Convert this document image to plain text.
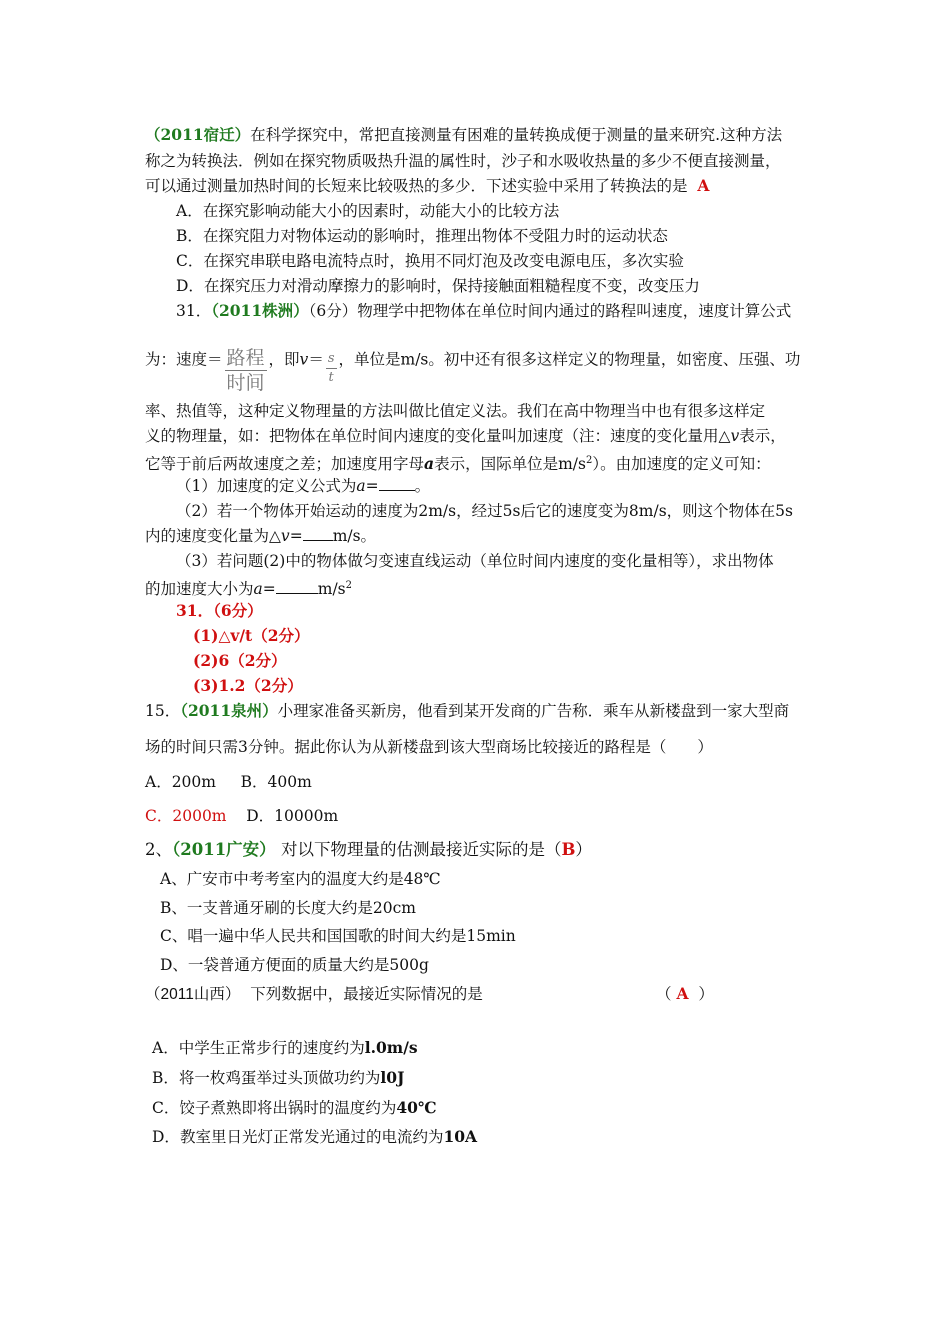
（2011宿迁）在科学探究中，常把直接测量有困难的量转换成便于测量的量来研究.这种方法
称之为转换法．例如在探究物质吸热升温的属性时，沙子和水吸收热量的多少不便直接测量，
可以通过测量加热时间的长短来比较吸热的多少．下述实验中采用了转换法的是 A
A．在探究影响动能大小的因素时，动能大小的比较方法
B．在探究阻力对物体运动的影响时，推理出物体不受阻力时的运动状态
C．在探究串联电路电流特点时，换用不同灯泡及改变电源电压，多次实验
D．在探究压力对滑动摩擦力的影响时，保持接触面粗糙程度不变，改变压力
31．（2011株洲）（6分）物理学中把物体在单位时间内通过的路程叫速度，速度计算公式
为：速度＝ $\frac{\text{路程}}{\text{时间}}$ ，即$v= \frac{s}{t}$ ，单位是m/s。初中还有很多这样定义的物理量，如密度、压强、功
率、热值等，这种定义物理量的方法叫做比值定义法。我们在高中物理当中也有很多这样定
义的物理量，如：把物体在单位时间内速度的变化量叫加速度（注：速度的变化量用△v表示，
它等于前后两故速度之差；加速度用字母a表示，国际单位是$m/s^2$）。由加速度的定义可知：
（1）加速度的定义公式为a= 。
（2）若一个物体开始运动的速度为2m/s，经过5s后它的速度变为8m/s，则这个物体在5s
内的速度变化量为△v= m/s。
（3）若问题(2)中的物体做匀变速直线运动（单位时间内速度的变化量相等），求出物体
的加速度大小为a=	$m/s^2$
31．（6分）
(1)△v/t（2分）
(2)6（2分）
(3)1.2（2分）
15．（2011泉州）小理家准备买新房，他看到某开发商的广告称．乘车从新楼盘到一家大型商
场的时间只需3分钟。据此你认为从新楼盘到该大型商场比较接近的路程是（　　）
A．200m B．400m
C．2000m D．10000m
2、（2011广安） 对以下物理量的估测最接近实际的是（B）
A、广安市中考考室内的温度大约是48℃
B、一支普通牙刷的长度大约是20cm
C、唱一遍中华人民共和国国歌的时间大约是15min
D、一袋普通方便面的质量大约是500g
（2011山西） 下列数据中，最接近实际情况的是	（ A ）
A．中学生正常步行的速度约为l.0m/s
B．将一枚鸡蛋举过头顶做功约为l0J
C．饺子煮熟即将出锅时的温度约为40℃
D．教室里日光灯正常发光通过的电流约为10A
